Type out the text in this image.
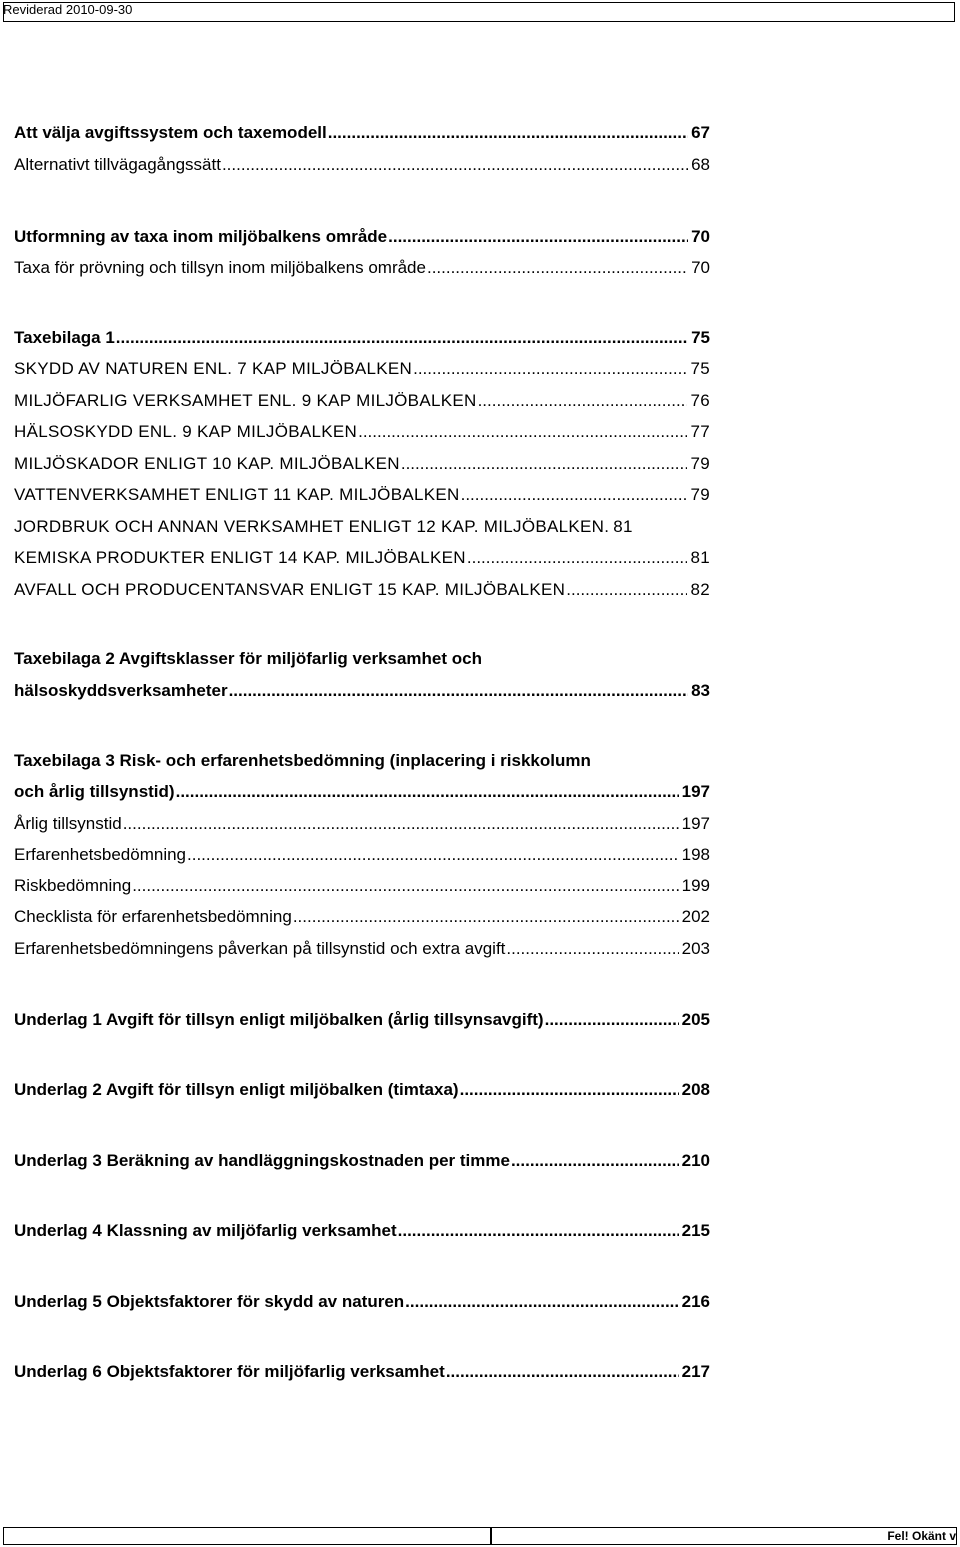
Reviderad 2010-09-30
Att välja avgiftssystem och taxemodell .....	67
Alternativt tillvägagångssätt .....	68
Utformning av taxa inom miljöbalkens område .....	70
Taxa för prövning och tillsyn inom miljöbalkens område .....	70
Taxebilaga 1 .....	75
SKYDD AV NATUREN ENL. 7 KAP MILJÖBALKEN .....	75
MILJÖFARLIG VERKSAMHET ENL. 9 KAP MILJÖBALKEN .....	76
HÄLSOSKYDD ENL. 9 KAP MILJÖBALKEN .....	77
MILJÖSKADOR ENLIGT 10 KAP. MILJÖBALKEN .....	79
VATTENVERKSAMHET ENLIGT 11 KAP. MILJÖBALKEN .....	79
JORDBRUK OCH ANNAN VERKSAMHET ENLIGT 12 KAP. MILJÖBALKEN. 81
KEMISKA PRODUKTER ENLIGT 14 KAP. MILJÖBALKEN .....	81
AVFALL OCH PRODUCENTANSVAR ENLIGT 15 KAP. MILJÖBALKEN .....	82
Taxebilaga 2 Avgiftsklasser för miljöfarlig verksamhet och
hälsoskyddsverksamheter .....	83
Taxebilaga 3 Risk- och erfarenhetsbedömning (inplacering i riskkolumn
och årlig tillsynstid) .....	197
Årlig tillsynstid .....	197
Erfarenhetsbedömning .....	198
Riskbedömning .....	199
Checklista för erfarenhetsbedömning .....	202
Erfarenhetsbedömningens påverkan på tillsynstid och extra avgift .....	203
Underlag 1 Avgift för tillsyn enligt miljöbalken (årlig tillsynsavgift) .....	205
Underlag 2 Avgift för tillsyn enligt miljöbalken (timtaxa) .....	208
Underlag 3 Beräkning av handläggningskostnaden per timme .....	210
Underlag 4 Klassning av miljöfarlig verksamhet .....	215
Underlag 5 Objektsfaktorer för skydd av naturen .....	216
Underlag 6 Objektsfaktorer för miljöfarlig verksamhet .....	217
Fel! Okänt v
